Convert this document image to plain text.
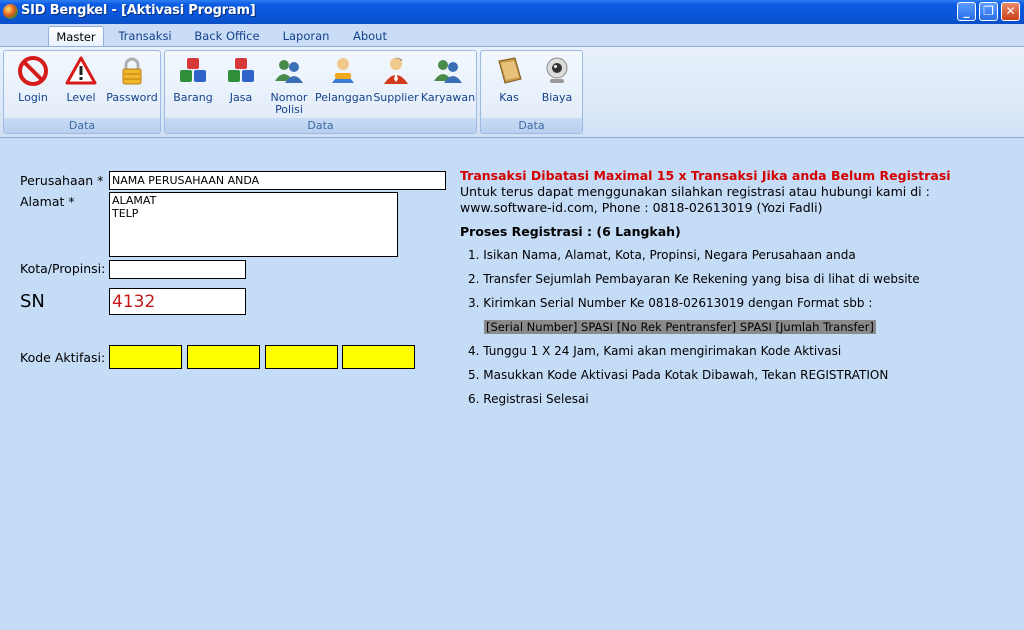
SID Bengkel - [Aktivasi Program]	_	❐ ✕
Master	Transaksi	Back Office	Laporan	About
Login	Level Password
Data
Barang	Jasa	Nomor Polisi
Pelanggan Supplier Karyawan
Data
Kas	Biaya
Data
Perusahaan *
NAMA PERUSAHAAN ANDA
Alamat *
ALAMAT TELP
Kota/Propinsi:
SN
4132
Kode Aktifasi:
Transaksi Dibatasi Maximal 15 x Transaksi Jika anda Belum Registrasi
Untuk terus dapat menggunakan silahkan registrasi atau hubungi kami di :
www.software-id.com, Phone : 0818-02613019 (Yozi Fadli)
Proses Registrasi : (6 Langkah)
1. Isikan Nama, Alamat, Kota, Propinsi, Negara Perusahaan anda
2. Transfer Sejumlah Pembayaran Ke Rekening yang bisa di lihat di website
3. Kirimkan Serial Number Ke 0818-02613019 dengan Format sbb :
[Serial Number] SPASI [No Rek Pentransfer] SPASI [Jumlah Transfer]
4. Tunggu 1 X 24 Jam, Kami akan mengirimakan Kode Aktivasi
5. Masukkan Kode Aktivasi Pada Kotak Dibawah, Tekan REGISTRATION
6. Registrasi Selesai
